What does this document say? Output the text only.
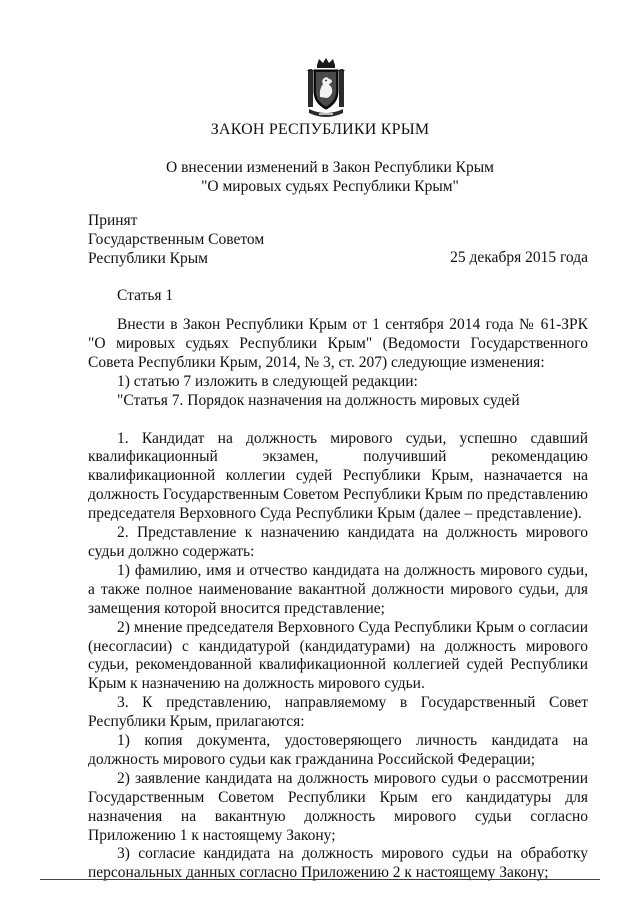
ЗАКОН РЕСПУБЛИКИ КРЫМ
О внесении изменений в Закон Республики Крым
"О мировых судьях Республики Крым"
Принят
Государственным Советом
Республики Крым	25 декабря 2015 года
Статья 1

Внести в Закон Республики Крым от 1 сентября 2014 года № 61-ЗРК "О мировых судьях Республики Крым" (Ведомости Государственного Совета Республики Крым, 2014, № 3, ст. 207) следующие изменения:

1) статью 7 изложить в следующей редакции:

"Статья 7. Порядок назначения на должность мировых судей

1. Кандидат на должность мирового судьи, успешно сдавший квалификационный экзамен, получивший рекомендацию квалификационной коллегии судей Республики Крым, назначается на должность Государственным Советом Республики Крым по представлению председателя Верховного Суда Республики Крым (далее – представление).

2. Представление к назначению кандидата на должность мирового судьи должно содержать:

1) фамилию, имя и отчество кандидата на должность мирового судьи, а также полное наименование вакантной должности мирового судьи, для замещения которой вносится представление;

2) мнение председателя Верховного Суда Республики Крым о согласии (несогласии) с кандидатурой (кандидатурами) на должность мирового судьи, рекомендованной квалификационной коллегией судей Республики Крым к назначению на должность мирового судьи.

3. К представлению, направляемому в Государственный Совет Республики Крым, прилагаются:

1) копия документа, удостоверяющего личность кандидата на должность мирового судьи как гражданина Российской Федерации;

2) заявление кандидата на должность мирового судьи о рассмотрении Государственным Советом Республики Крым его кандидатуры для назначения на вакантную должность мирового судьи согласно Приложению 1 к настоящему Закону;

3) согласие кандидата на должность мирового судьи на обработку персональных данных согласно Приложению 2 к настоящему Закону;
